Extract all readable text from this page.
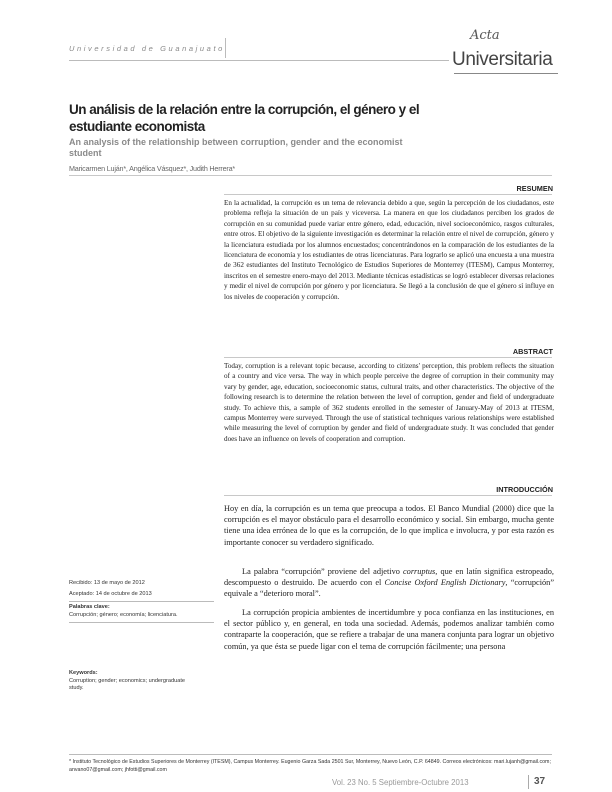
Universidad de Guanajuato
Acta
Universitaria
Un análisis de la relación entre la corrupción, el género y el estudiante economista
An analysis of the relationship between corruption, gender and the economist student
Maricarmen Luján*, Angélica Vásquez*, Judith Herrera*
RESUMEN
En la actualidad, la corrupción es un tema de relevancia debido a que, según la percepción de los ciudadanos, este problema refleja la situación de un país y viceversa. La manera en que los ciudadanos perciben los grados de corrupción en su comunidad puede variar entre género, edad, educación, nivel socioeconómico, rasgos culturales, entre otros. El objetivo de la siguiente investigación es determinar la relación entre el nivel de corrupción, género y la licenciatura estudiada por los alumnos encuestados; concentrándonos en la comparación de los estudiantes de la licenciatura de economía y los estudiantes de otras licenciaturas. Para lograrlo se aplicó una encuesta a una muestra de 362 estudiantes del Instituto Tecnológico de Estudios Superiores de Monterrey (ITESM), Campus Monterrey, inscritos en el semestre enero-mayo del 2013. Mediante técnicas estadísticas se logró establecer diversas relaciones y medir el nivel de corrupción por género y por licenciatura. Se llegó a la conclusión de que el género sí influye en los niveles de cooperación y corrupción.
ABSTRACT
Today, corruption is a relevant topic because, according to citizens' perception, this problem reflects the situation of a country and vice versa. The way in which people perceive the degree of corruption in their community may vary by gender, age, education, socioeconomic status, cultural traits, and other characteristics. The objective of the following research is to determine the relation between the level of corruption, gender and field of undergraduate study. To achieve this, a sample of 362 students enrolled in the semester of January-May of 2013 at ITESM, campus Monterrey were surveyed. Through the use of statistical techniques various relationships were established while measuring the level of corruption by gender and field of undergraduate study. It was concluded that gender does have an influence on levels of cooperation and corruption.
INTRODUCCIÓN

Hoy en día, la corrupción es un tema que preocupa a todos. El Banco Mundial (2000) dice que la corrupción es el mayor obstáculo para el desarrollo económico y social. Sin embargo, mucha gente tiene una idea errónea de lo que es la corrupción, de lo que implica e involucra, y por esta razón es importante conocer su verdadero significado.

La palabra “corrupción” proviene del adjetivo corruptus, que en latín significa estropeado, descompuesto o destruido. De acuerdo con el Concise Oxford English Dictionary, “corrupción” equivale a “deterioro moral”.

La corrupción propicia ambientes de incertidumbre y poca confianza en las instituciones, en el sector público y, en general, en toda una sociedad. Además, podemos analizar también como contraparte la cooperación, que se refiere a trabajar de una manera conjunta para lograr un objetivo común, ya que ésta se puede ligar con el tema de corrupción fácilmente; una persona

Recibido: 13 de mayo de 2012
Aceptado: 14 de octubre de 2013
Palabras clave:
Corrupción; género; economía; licenciatura.
Keywords:
Corruption; gender; economics; undergraduate study.
* Instituto Tecnológico de Estudios Superiores de Monterrey (ITESM), Campus Monterrey. Eugenio Garza Sada 2501 Sur, Monterrey, Nuevo León, C.P. 64849. Correos electrónicos: mari.lujanh@gmail.com; anvano07@gmail.com; jhfotti@gmail.com
Vol. 23 No. 5 Septiembre-Octubre 2013	37
